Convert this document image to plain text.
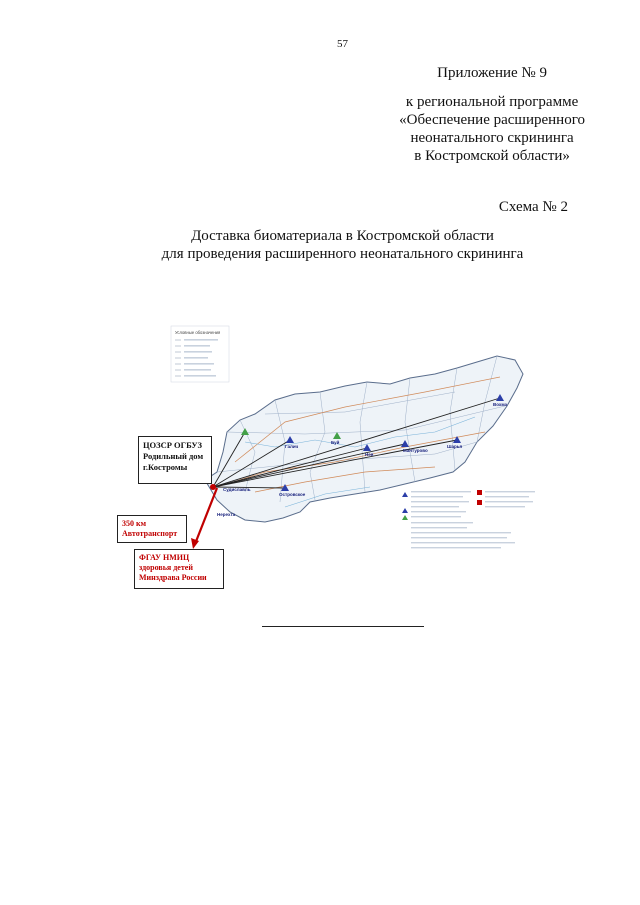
57
Приложение № 9
к региональной программе
«Обеспечение расширенного
неонатального скрининга
в Костромской области»
Схема № 2
Доставка биоматериала в Костромской области
для проведения расширенного неонатального скрининга
Условные обозначения
Вохма
Шарья
Мантурово
Нея
Галич
Буй
Островское
Нерехта
Судиславль
ЦОЗСР ОГБУЗ
Родильный дом
г.Костромы
350 км
Автотранспорт
ФГАУ НМИЦ
здоровья детей
Минздрава России
